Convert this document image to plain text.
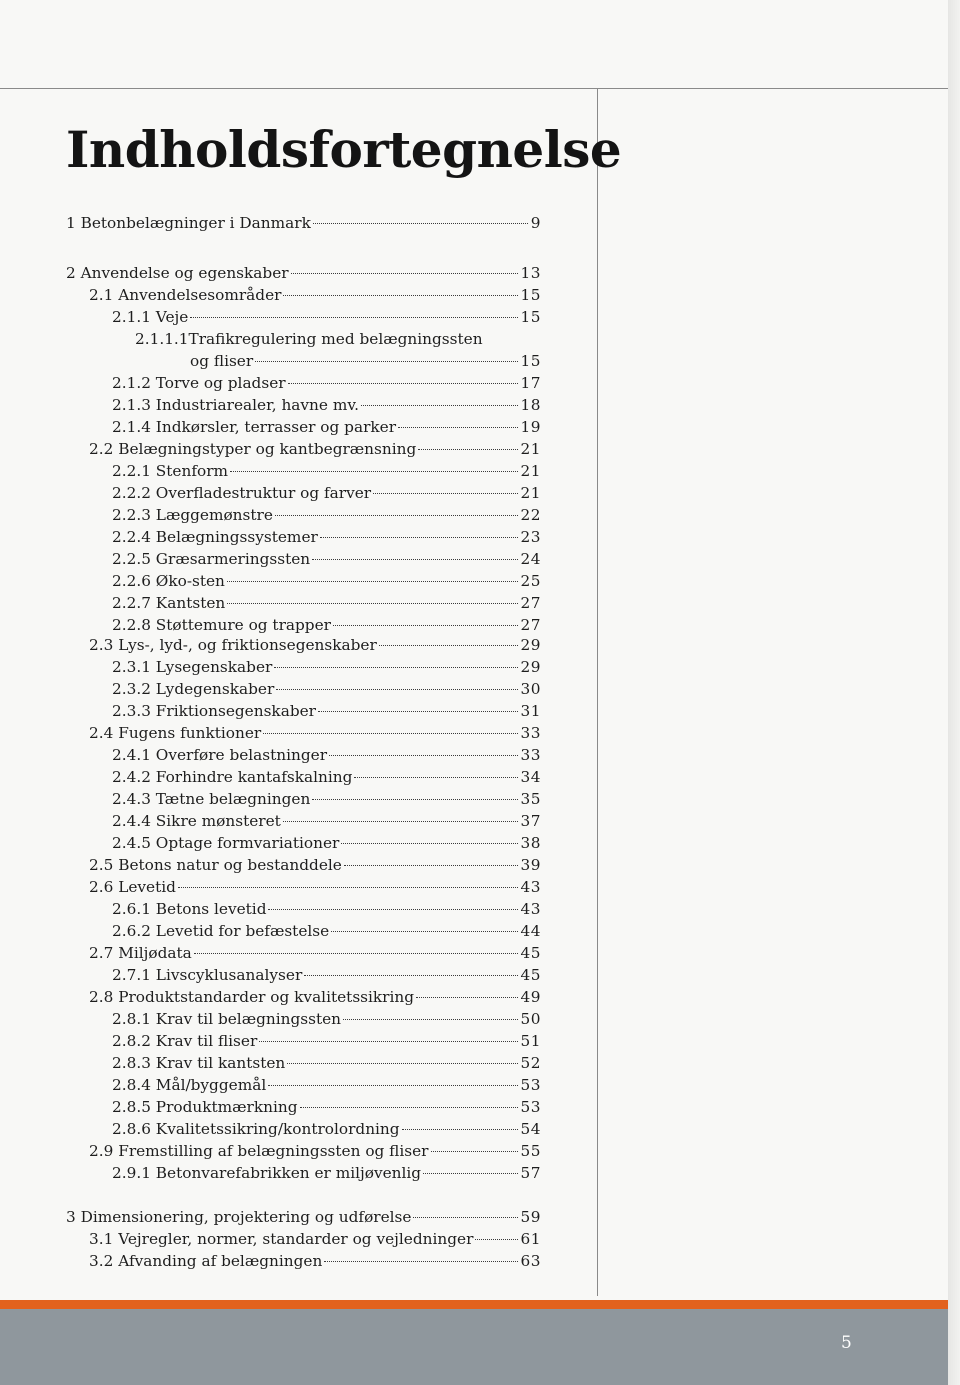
Indholdsfortegnelse
1 Betonbelægninger i Danmark	9
2 Anvendelse og egenskaber	13
2.1 Anvendelsesområder	15
2.1.1 Veje	15
2.1.1.1 Trafikregulering med belægningssten
og fliser	15
2.1.2 Torve og pladser	17
2.1.3 Industriarealer, havne mv.	18
2.1.4 Indkørsler, terrasser og parker	19
2.2 Belægningstyper og kantbegrænsning	21
2.2.1 Stenform	21
2.2.2 Overfladestruktur og farver	21
2.2.3 Læggemønstre	22
2.2.4 Belægningssystemer	23
2.2.5 Græsarmeringssten	24
2.2.6 Øko-sten	25
2.2.7 Kantsten	27
2.2.8 Støttemure og trapper	27
2.3 Lys-, lyd-, og friktionsegenskaber	29
2.3.1 Lysegenskaber	29
2.3.2 Lydegenskaber	30
2.3.3 Friktionsegenskaber	31
2.4 Fugens funktioner	33
2.4.1 Overføre belastninger	33
2.4.2 Forhindre kantafskalning	34
2.4.3 Tætne belægningen	35
2.4.4 Sikre mønsteret	37
2.4.5 Optage formvariationer	38
2.5 Betons natur og bestanddele	39
2.6 Levetid	43
2.6.1 Betons levetid	43
2.6.2 Levetid for befæstelse	44
2.7 Miljødata	45
2.7.1 Livscyklusanalyser	45
2.8 Produktstandarder og kvalitetssikring	49
2.8.1 Krav til belægningssten	50
2.8.2 Krav til fliser	51
2.8.3 Krav til kantsten	52
2.8.4 Mål/byggemål	53
2.8.5 Produktmærkning	53
2.8.6 Kvalitetssikring/kontrolordning	54
2.9 Fremstilling af belægningssten og fliser	55
2.9.1 Betonvarefabrikken er miljøvenlig	57
3 Dimensionering, projektering og udførelse	59
3.1 Vejregler, normer, standarder og vejledninger	61
3.2 Afvanding af belægningen	63
5
